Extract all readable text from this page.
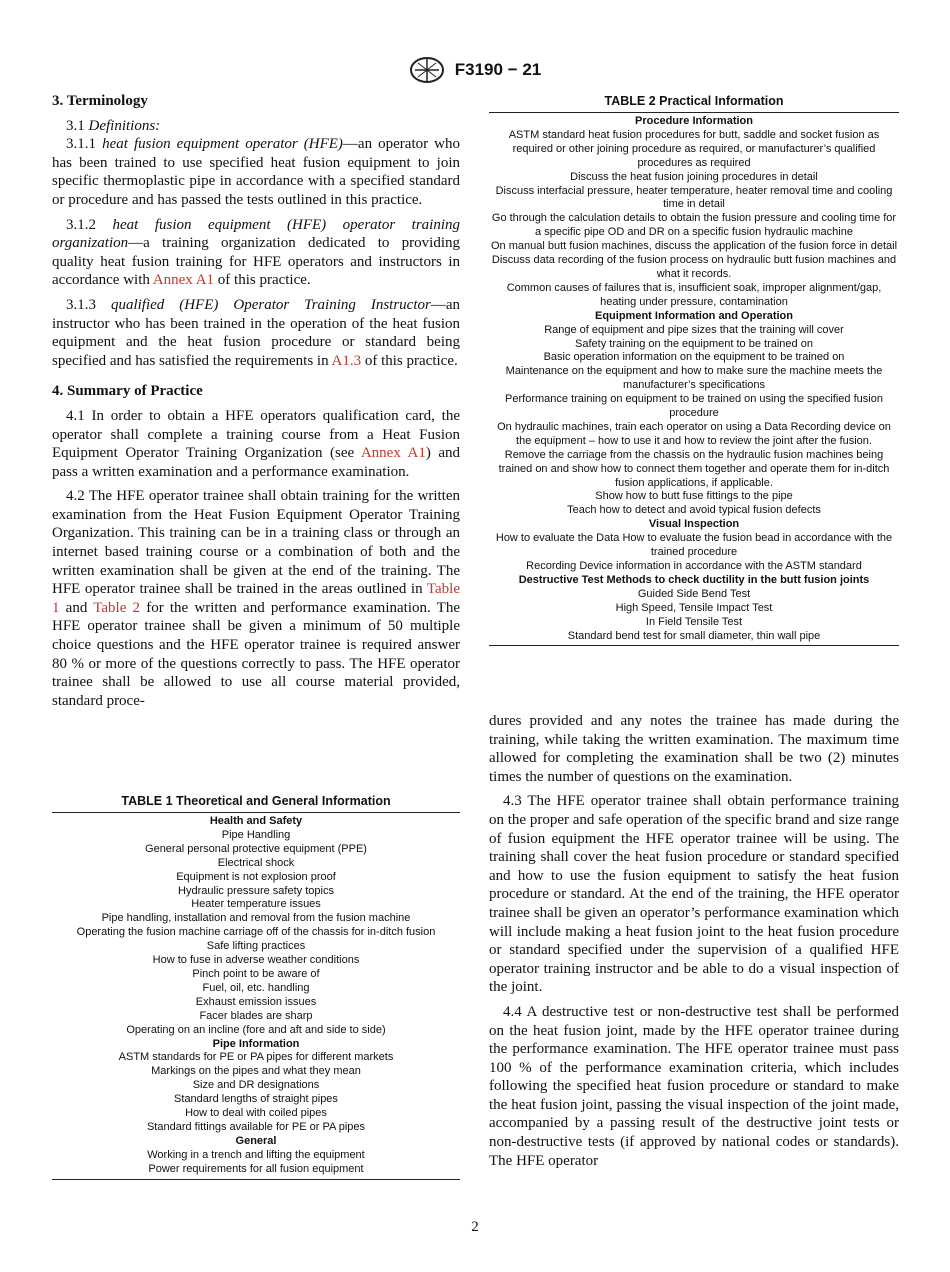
F3190 − 21
3. Terminology

3.1 Definitions:

3.1.1 heat fusion equipment operator (HFE)—an operator who has been trained to use specified heat fusion equipment to join specific thermoplastic pipe in accordance with a specified standard or procedure and has passed the tests outlined in this practice.

3.1.2 heat fusion equipment (HFE) operator training organization—a training organization dedicated to providing quality heat fusion training for HFE operators and instructors in accordance with Annex A1 of this practice.

3.1.3 qualified (HFE) Operator Training Instructor—an instructor who has been trained in the operation of the heat fusion equipment and the heat fusion procedure or standard being specified and has satisfied the requirements in A1.3 of this practice.

4. Summary of Practice

4.1 In order to obtain a HFE operators qualification card, the operator shall complete a training course from a Heat Fusion Equipment Operator Training Organization (see Annex A1) and pass a written examination and a performance examination.

4.2 The HFE operator trainee shall obtain training for the written examination from the Heat Fusion Equipment Operator Training Organization. This training can be in a training class or through an internet based training course or a combination of both and the written examination shall be given at the end of the training. The HFE operator trainee shall be trained in the areas outlined in Table 1 and Table 2 for the written and performance examination. The HFE operator trainee shall be given a minimum of 50 multiple choice questions and the HFE operator trainee is required answer 80 % or more of the questions correctly to pass. The HFE operator trainee shall be allowed to use all course material provided, standard proce-

TABLE 2 Practical Information
Procedure Information
ASTM standard heat fusion procedures for butt, saddle and socket fusion as required or other joining procedure as required, or manufacturer’s qualified procedures as required
Discuss the heat fusion joining procedures in detail
Discuss interfacial pressure, heater temperature, heater removal time and cooling time in detail
Go through the calculation details to obtain the fusion pressure and cooling time for a specific pipe OD and DR on a specific fusion hydraulic machine
On manual butt fusion machines, discuss the application of the fusion force in detail
Discuss data recording of the fusion process on hydraulic butt fusion machines and what it records.
Common causes of failures that is, insufficient soak, improper alignment/gap, heating under pressure, contamination
Equipment Information and Operation
Range of equipment and pipe sizes that the training will cover
Safety training on the equipment to be trained on
Basic operation information on the equipment to be trained on
Maintenance on the equipment and how to make sure the machine meets the manufacturer’s specifications
Performance training on equipment to be trained on using the specified fusion procedure
On hydraulic machines, train each operator on using a Data Recording device on the equipment – how to use it and how to review the joint after the fusion.
Remove the carriage from the chassis on the hydraulic fusion machines being trained on and show how to connect them together and operate them for in-ditch fusion applications, if applicable.
Show how to butt fuse fittings to the pipe
Teach how to detect and avoid typical fusion defects
Visual Inspection
How to evaluate the Data How to evaluate the fusion bead in accordance with the trained procedure
Recording Device information in accordance with the ASTM standard
Destructive Test Methods to check ductility in the butt fusion joints
Guided Side Bend Test
High Speed, Tensile Impact Test
In Field Tensile Test
Standard bend test for small diameter, thin wall pipe

dures provided and any notes the trainee has made during the training, while taking the written examination. The maximum time allowed for completing the examination shall be two (2) minutes times the number of questions on the examination.

4.3 The HFE operator trainee shall obtain performance training on the proper and safe operation of the specific brand and size range of fusion equipment the HFE operator trainee will be using. The training shall cover the heat fusion procedure or standard specified and how to use the fusion equipment to satisfy the heat fusion procedure or standard. At the end of the training, the HFE operator trainee shall be given an operator’s performance examination which will include making a heat fusion joint to the heat fusion procedure or standard specified under the supervision of a qualified HFE operator training instructor and be able to do a visual inspection of the joint.

4.4 A destructive test or non-destructive test shall be performed on the heat fusion joint, made by the HFE operator trainee during the performance examination. The HFE operator trainee must pass 100 % of the performance examination criteria, which includes following the specified heat fusion procedure or standard to make the heat fusion joint, passing the visual inspection of the joint made, accompanied by a passing result of the destructive joint tests or non-destructive tests (if approved by national codes or standards). The HFE operator

TABLE 1 Theoretical and General Information
Health and Safety
Pipe Handling
General personal protective equipment (PPE)
Electrical shock
Equipment is not explosion proof
Hydraulic pressure safety topics
Heater temperature issues
Pipe handling, installation and removal from the fusion machine
Operating the fusion machine carriage off of the chassis for in-ditch fusion
Safe lifting practices
How to fuse in adverse weather conditions
Pinch point to be aware of
Fuel, oil, etc. handling
Exhaust emission issues
Facer blades are sharp
Operating on an incline (fore and aft and side to side)
Pipe Information
ASTM standards for PE or PA pipes for different markets
Markings on the pipes and what they mean
Size and DR designations
Standard lengths of straight pipes
How to deal with coiled pipes
Standard fittings available for PE or PA pipes
General
Working in a trench and lifting the equipment
Power requirements for all fusion equipment
2
